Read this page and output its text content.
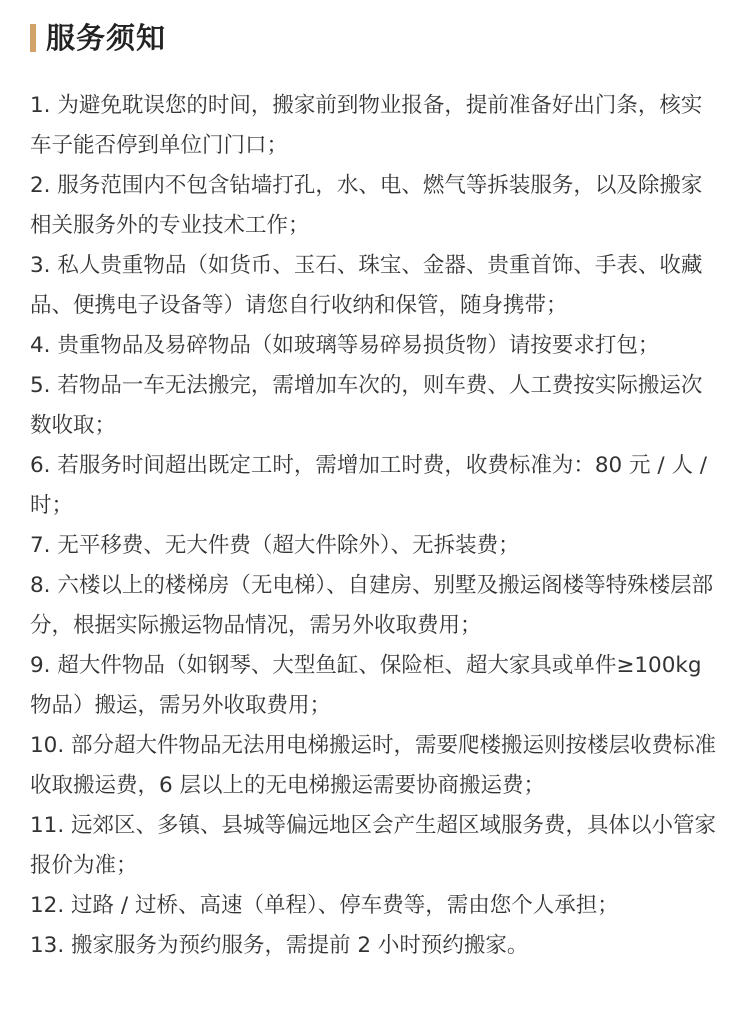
服务须知
1. 为避免耽误您的时间，搬家前到物业报备，提前准备好出门条，核实车子能否停到单位门门口；
2. 服务范围内不包含钻墙打孔，水、电、燃气等拆装服务，以及除搬家相关服务外的专业技术工作；
3. 私人贵重物品（如货币、玉石、珠宝、金器、贵重首饰、手表、收藏品、便携电子设备等）请您自行收纳和保管，随身携带；
4. 贵重物品及易碎物品（如玻璃等易碎易损货物）请按要求打包；
5. 若物品一车无法搬完，需增加车次的，则车费、人工费按实际搬运次数收取；
6. 若服务时间超出既定工时，需增加工时费，收费标准为：80 元 / 人 / 时；
7. 无平移费、无大件费（超大件除外）、无拆装费；
8. 六楼以上的楼梯房（无电梯）、自建房、别墅及搬运阁楼等特殊楼层部分，根据实际搬运物品情况，需另外收取费用；
9. 超大件物品（如钢琴、大型鱼缸、保险柜、超大家具或单件≥100kg 物品）搬运，需另外收取费用；
10. 部分超大件物品无法用电梯搬运时，需要爬楼搬运则按楼层收费标准收取搬运费，6 层以上的无电梯搬运需要协商搬运费；
11. 远郊区、多镇、县城等偏远地区会产生超区域服务费，具体以小管家报价为准；
12. 过路 / 过桥、高速（单程）、停车费等，需由您个人承担；
13. 搬家服务为预约服务，需提前 2 小时预约搬家。
